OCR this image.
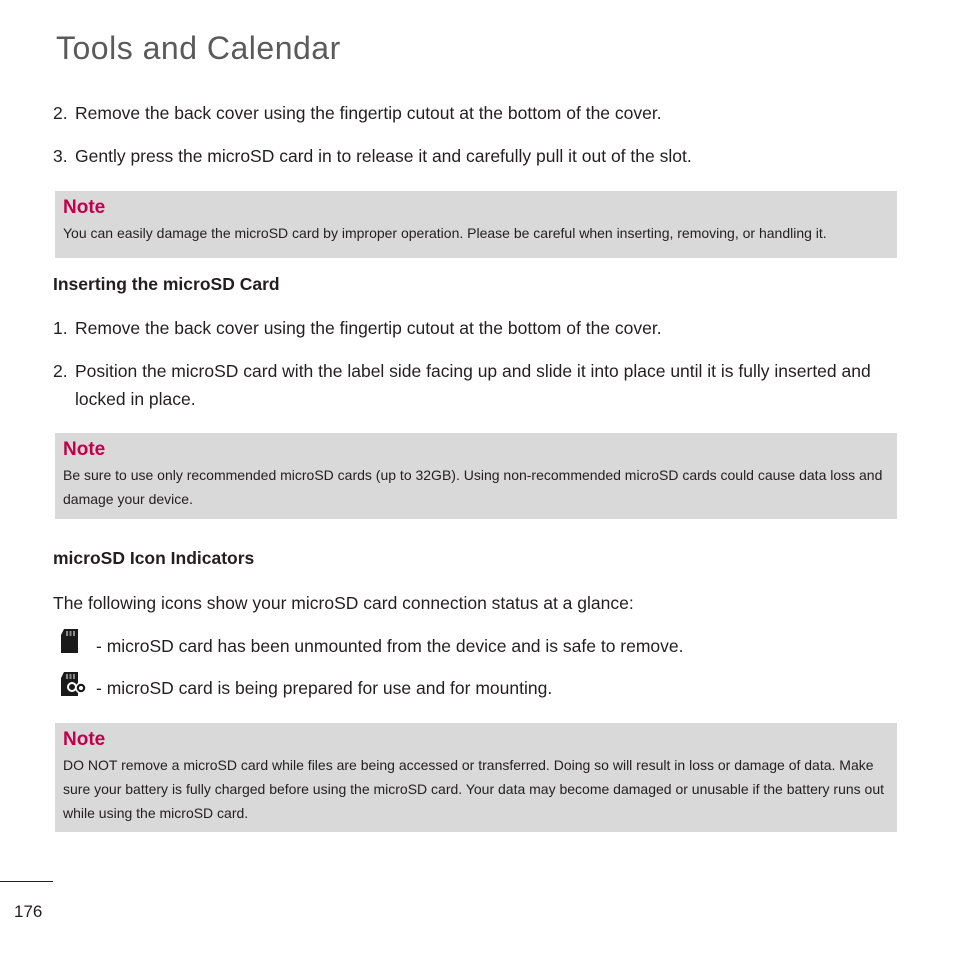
Tools and Calendar
2. Remove the back cover using the fingertip cutout at the bottom of the cover.
3. Gently press the microSD card in to release it and carefully pull it out of the slot.
Note
You can easily damage the microSD card by improper operation. Please be careful when inserting, removing, or handling it.
Inserting the microSD Card
1. Remove the back cover using the fingertip cutout at the bottom of the cover.
2. Position the microSD card with the label side facing up and slide it into place until it is fully inserted and locked in place.
Note
Be sure to use only recommended microSD cards (up to 32GB). Using non-recommended microSD cards could cause data loss and damage your device.
microSD Icon Indicators
The following icons show your microSD card connection status at a glance:
- microSD card has been unmounted from the device and is safe to remove.
- microSD card is being prepared for use and for mounting.
Note
DO NOT remove a microSD card while files are being accessed or transferred. Doing so will result in loss or damage of data. Make sure your battery is fully charged before using the microSD card. Your data may become damaged or unusable if the battery runs out while using the microSD card.
176
